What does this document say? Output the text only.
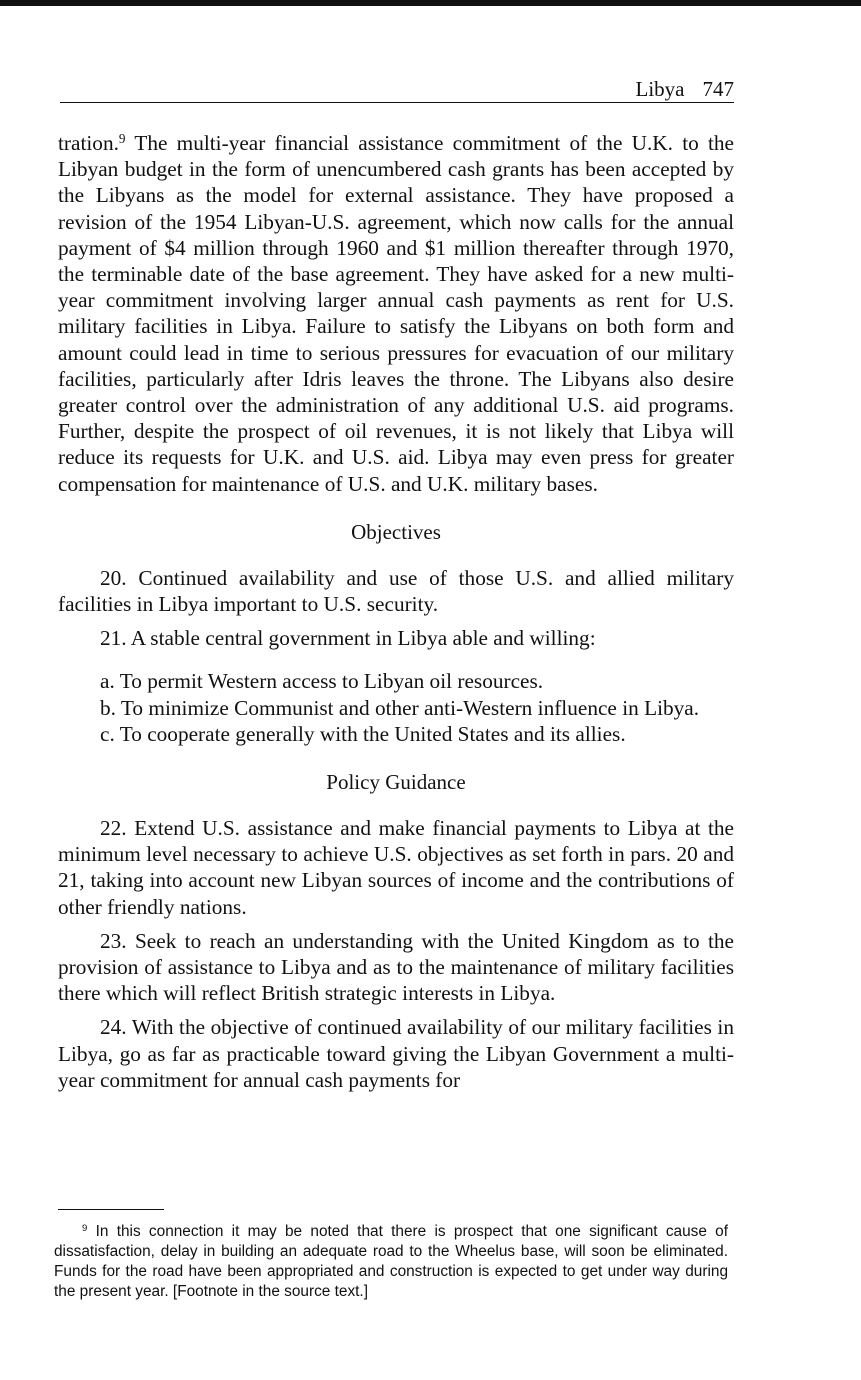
Libya 747

tration.$^9$ The multi-year financial assistance commitment of the U.K. to the Libyan budget in the form of unencumbered cash grants has been accepted by the Libyans as the model for external assistance. They have proposed a revision of the 1954 Libyan-U.S. agreement, which now calls for the annual payment of $4 million through 1960 and $1 million thereafter through 1970, the terminable date of the base agreement. They have asked for a new multi-year commitment involving larger annual cash payments as rent for U.S. military facilities in Libya. Failure to satisfy the Libyans on both form and amount could lead in time to serious pressures for evacuation of our military facilities, particularly after Idris leaves the throne. The Libyans also desire greater control over the administration of any additional U.S. aid programs. Further, despite the prospect of oil revenues, it is not likely that Libya will reduce its requests for U.K. and U.S. aid. Libya may even press for greater compensation for maintenance of U.S. and U.K. military bases.

Objectives

20. Continued availability and use of those U.S. and allied military facilities in Libya important to U.S. security.

21. A stable central government in Libya able and willing:

a. To permit Western access to Libyan oil resources.

b. To minimize Communist and other anti-Western influence in Libya.

c. To cooperate generally with the United States and its allies.

Policy Guidance

22. Extend U.S. assistance and make financial payments to Libya at the minimum level necessary to achieve U.S. objectives as set forth in pars. 20 and 21, taking into account new Libyan sources of income and the contributions of other friendly nations.

23. Seek to reach an understanding with the United Kingdom as to the provision of assistance to Libya and as to the maintenance of military facilities there which will reflect British strategic interests in Libya.

24. With the objective of continued availability of our military facilities in Libya, go as far as practicable toward giving the Libyan Government a multi-year commitment for annual cash payments for

$^9$ In this connection it may be noted that there is prospect that one significant cause of dissatisfaction, delay in building an adequate road to the Wheelus base, will soon be eliminated. Funds for the road have been appropriated and construction is expected to get under way during the present year. [Footnote in the source text.]
